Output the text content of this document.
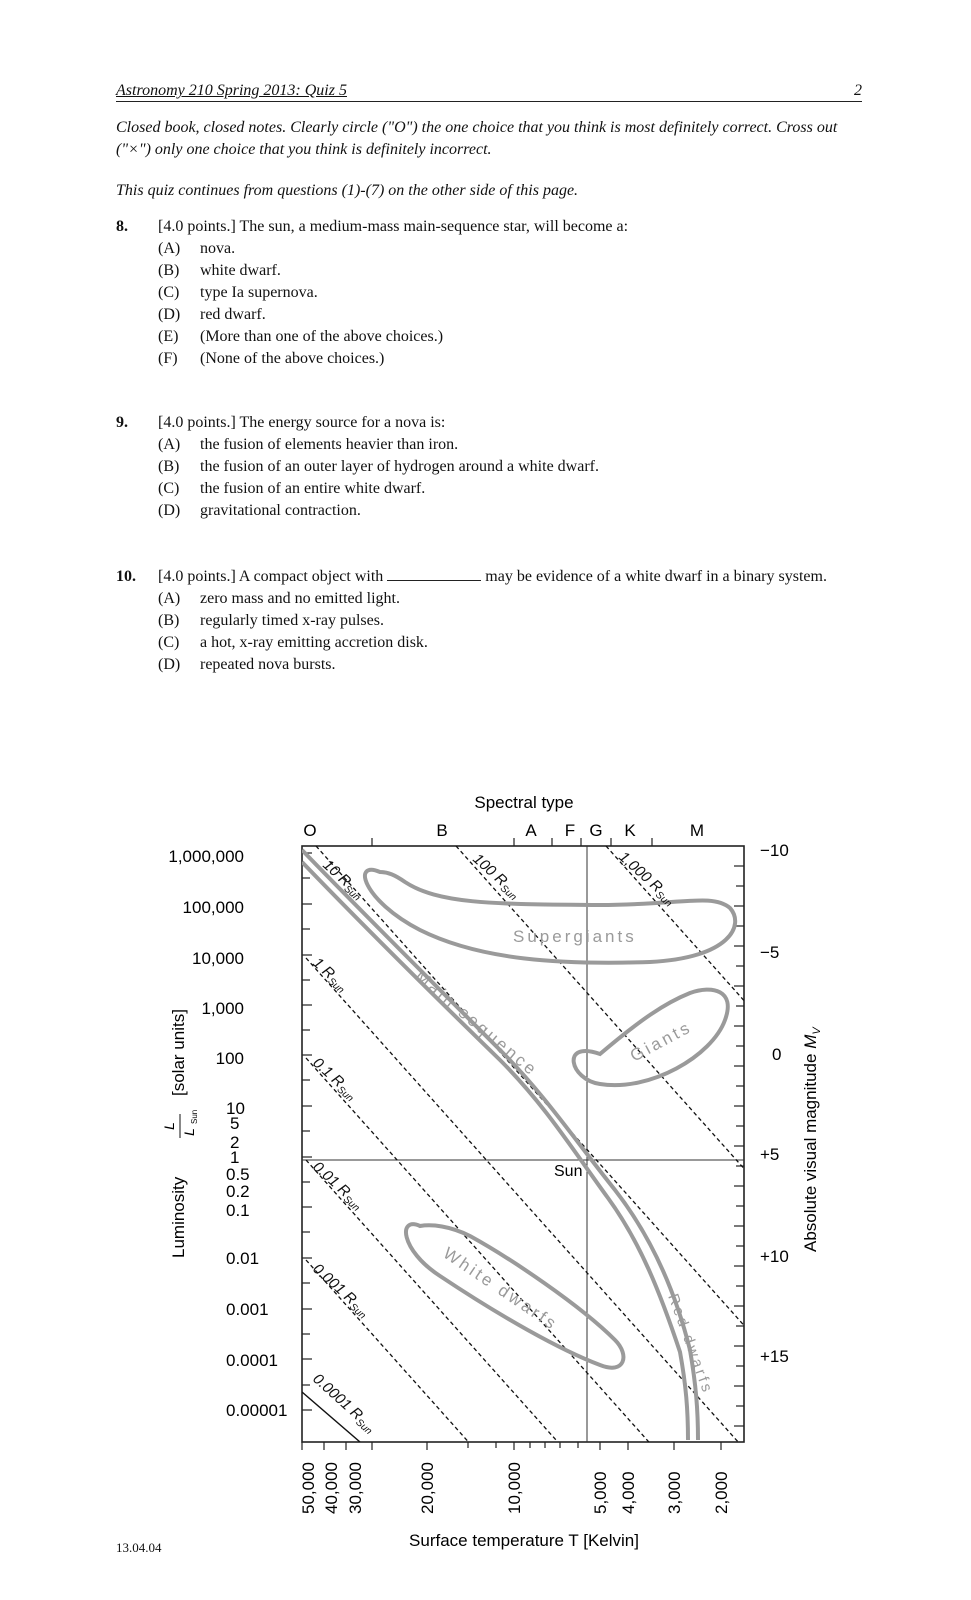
Astronomy 210 Spring 2013: Quiz 5	2
Closed book, closed notes. Clearly circle ("O") the one choice that you think is most definitely correct. Cross out ("×") only one choice that you think is definitely incorrect.
This quiz continues from questions (1)-(7) on the other side of this page.
8. [4.0 points.] The sun, a medium-mass main-sequence star, will become a:
(A) nova.
(B) white dwarf.
(C) type Ia supernova.
(D) red dwarf.
(E) (More than one of the above choices.)
(F) (None of the above choices.)
9. [4.0 points.] The energy source for a nova is:
(A) the fusion of elements heavier than iron.
(B) the fusion of an outer layer of hydrogen around a white dwarf.
(C) the fusion of an entire white dwarf.
(D) gravitational contraction.
10. [4.0 points.] A compact object with	may be evidence of a white dwarf in a binary system.
(A) zero mass and no emitted light.
(B) regularly timed x-ray pulses.
(C) a hot, x-ray emitting accretion disk.
(D) repeated nova bursts.
Spectral type
O	B	A F G K	M
Supergiants
Giants
Main sequence
White dwarfs
Red dwarfs
10 $R_{Sun}$
100 $R_{Sun}$
1,000 $R_{Sun}$
1 $R_{Sun}$
0.1 $R_{Sun}$
0.01 $R_{Sun}$
0.001 $R_{Sun}$
0.0001 $R_{Sun}$
Sun
1,000,000
100,000
10,000
1,000
100
10
5
2
1
0.5
0.2
0.1
0.01
0.001
0.0001
0.00001
Luminosity
L
L
Sun
[solar units]
−10
−5
0
+5
+10
+15
Absolute visual magnitude $M_V$
50,000 40,000 30,000	20,000	10,000	5,000 4,000 3,000 2,000
Surface temperature T [Kelvin]
13.04.04
